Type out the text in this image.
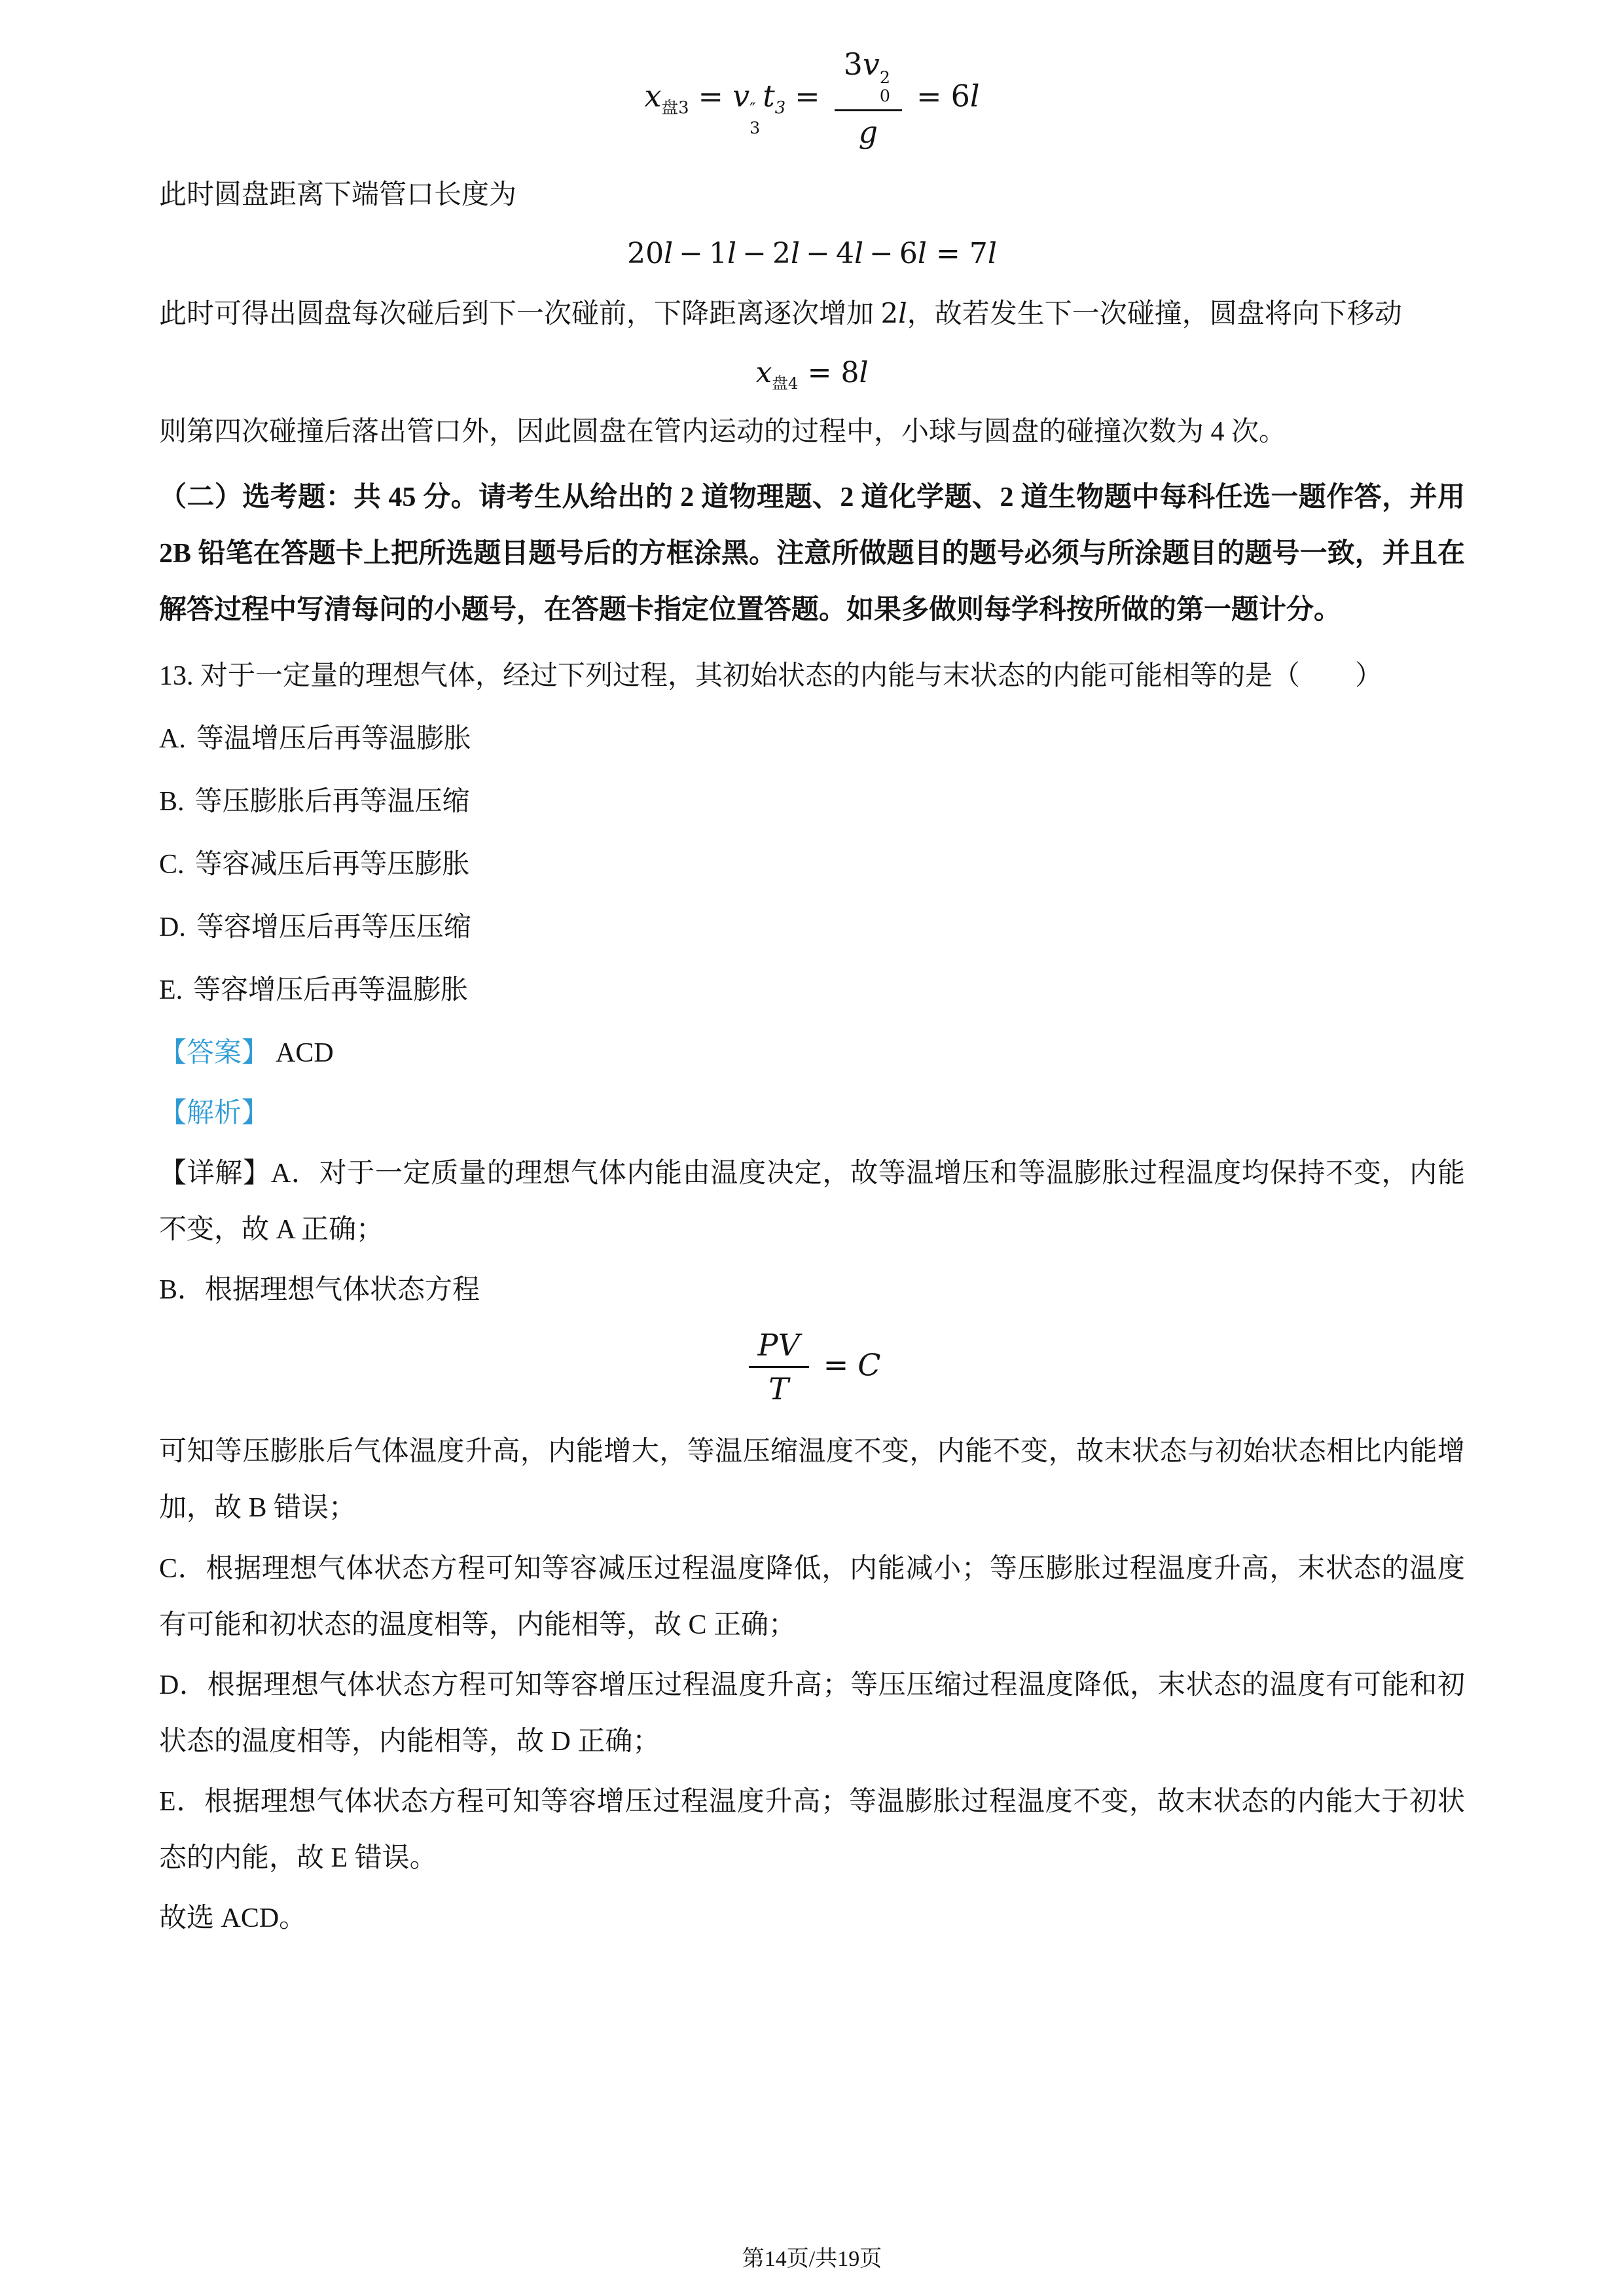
$x_{盘3} = v$ ″
3
$t_3 = 3v$ 2
0
g = 6l

此时圆盘距离下端管口长度为

20l − 1l − 2l − 4l − 6l = 7l

此时可得出圆盘每次碰后到下一次碰前，下降距离逐次增加 2l，故若发生下一次碰撞，圆盘将向下移动

$x_{盘4} = 8l$

则第四次碰撞后落出管口外，因此圆盘在管内运动的过程中，小球与圆盘的碰撞次数为 4 次。

（二）选考题：共 45 分。请考生从给出的 2 道物理题、2 道化学题、2 道生物题中每科任选一题作答，并用 2B 铅笔在答题卡上把所选题目题号后的方框涂黑。注意所做题目的题号必须与所涂题目的题号一致，并且在解答过程中写清每问的小题号，在答题卡指定位置答题。如果多做则每学科按所做的第一题计分。

13. 对于一定量的理想气体，经过下列过程，其初始状态的内能与末状态的内能可能相等的是（　　）

A. 等温增压后再等温膨胀
B. 等压膨胀后再等温压缩
C. 等容减压后再等压膨胀
D. 等容增压后再等压压缩
E. 等容增压后再等温膨胀

【答案】 ACD

【解析】

【详解】A．对于一定质量的理想气体内能由温度决定，故等温增压和等温膨胀过程温度均保持不变，内能不变，故 A 正确；

B．根据理想气体状态方程

$\frac{PV}{T} = C$

可知等压膨胀后气体温度升高，内能增大，等温压缩温度不变，内能不变，故末状态与初始状态相比内能增加，故 B 错误；

C．根据理想气体状态方程可知等容减压过程温度降低，内能减小；等压膨胀过程温度升高，末状态的温度有可能和初状态的温度相等，内能相等，故 C 正确；

D．根据理想气体状态方程可知等容增压过程温度升高；等压压缩过程温度降低，末状态的温度有可能和初状态的温度相等，内能相等，故 D 正确；

E．根据理想气体状态方程可知等容增压过程温度升高；等温膨胀过程温度不变，故末状态的内能大于初状态的内能，故 E 错误。

故选 ACD。

第14页/共19页
